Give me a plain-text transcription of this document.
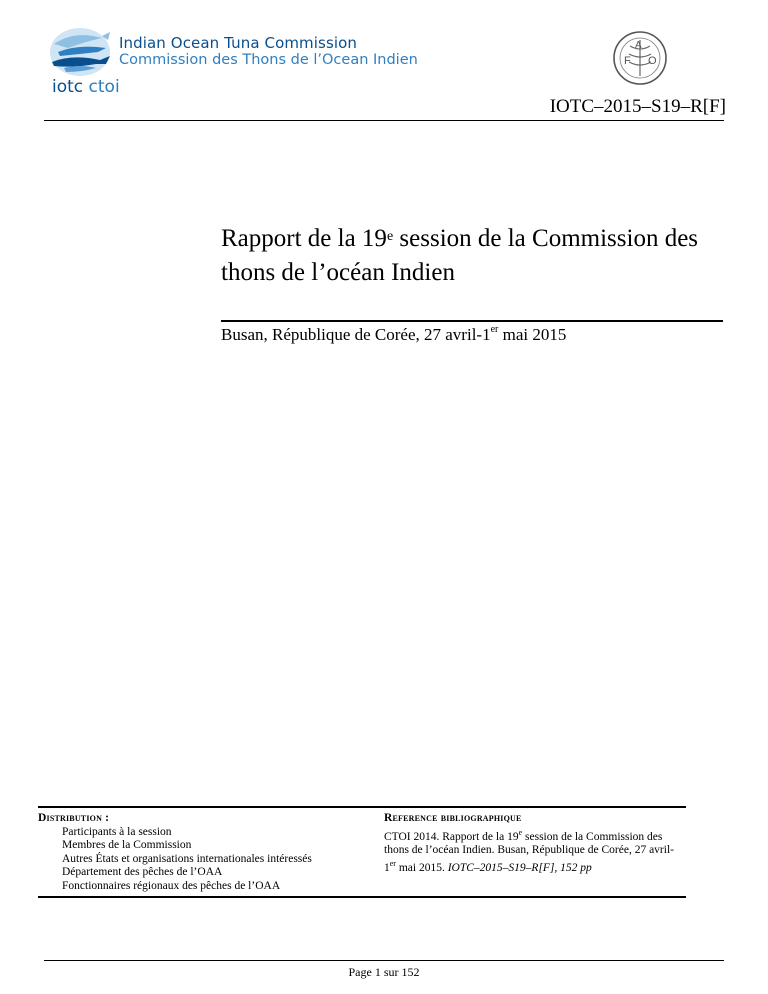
Indian Ocean Tuna Commission
Commission des Thons de l’Ocean Indien
iotc ctoi
F
A
O
IOTC–2015–S19–R[F]
Rapport de la 19e session de la Commission des thons de l’océan Indien
Busan, République de Corée, 27 avril-1er mai 2015
Distribution :
Participants à la session
Membres de la Commission
Autres États et organisations internationales intéressés
Département des pêches de l’OAA
Fonctionnaires régionaux des pêches de l’OAA
Reference bibliographique

CTOI 2014. Rapport de la 19e session de la Commission des thons de l’océan Indien. Busan, République de Corée, 27 avril-1er mai 2015. IOTC–2015–S19–R[F], 152 pp

Page 1 sur 152
